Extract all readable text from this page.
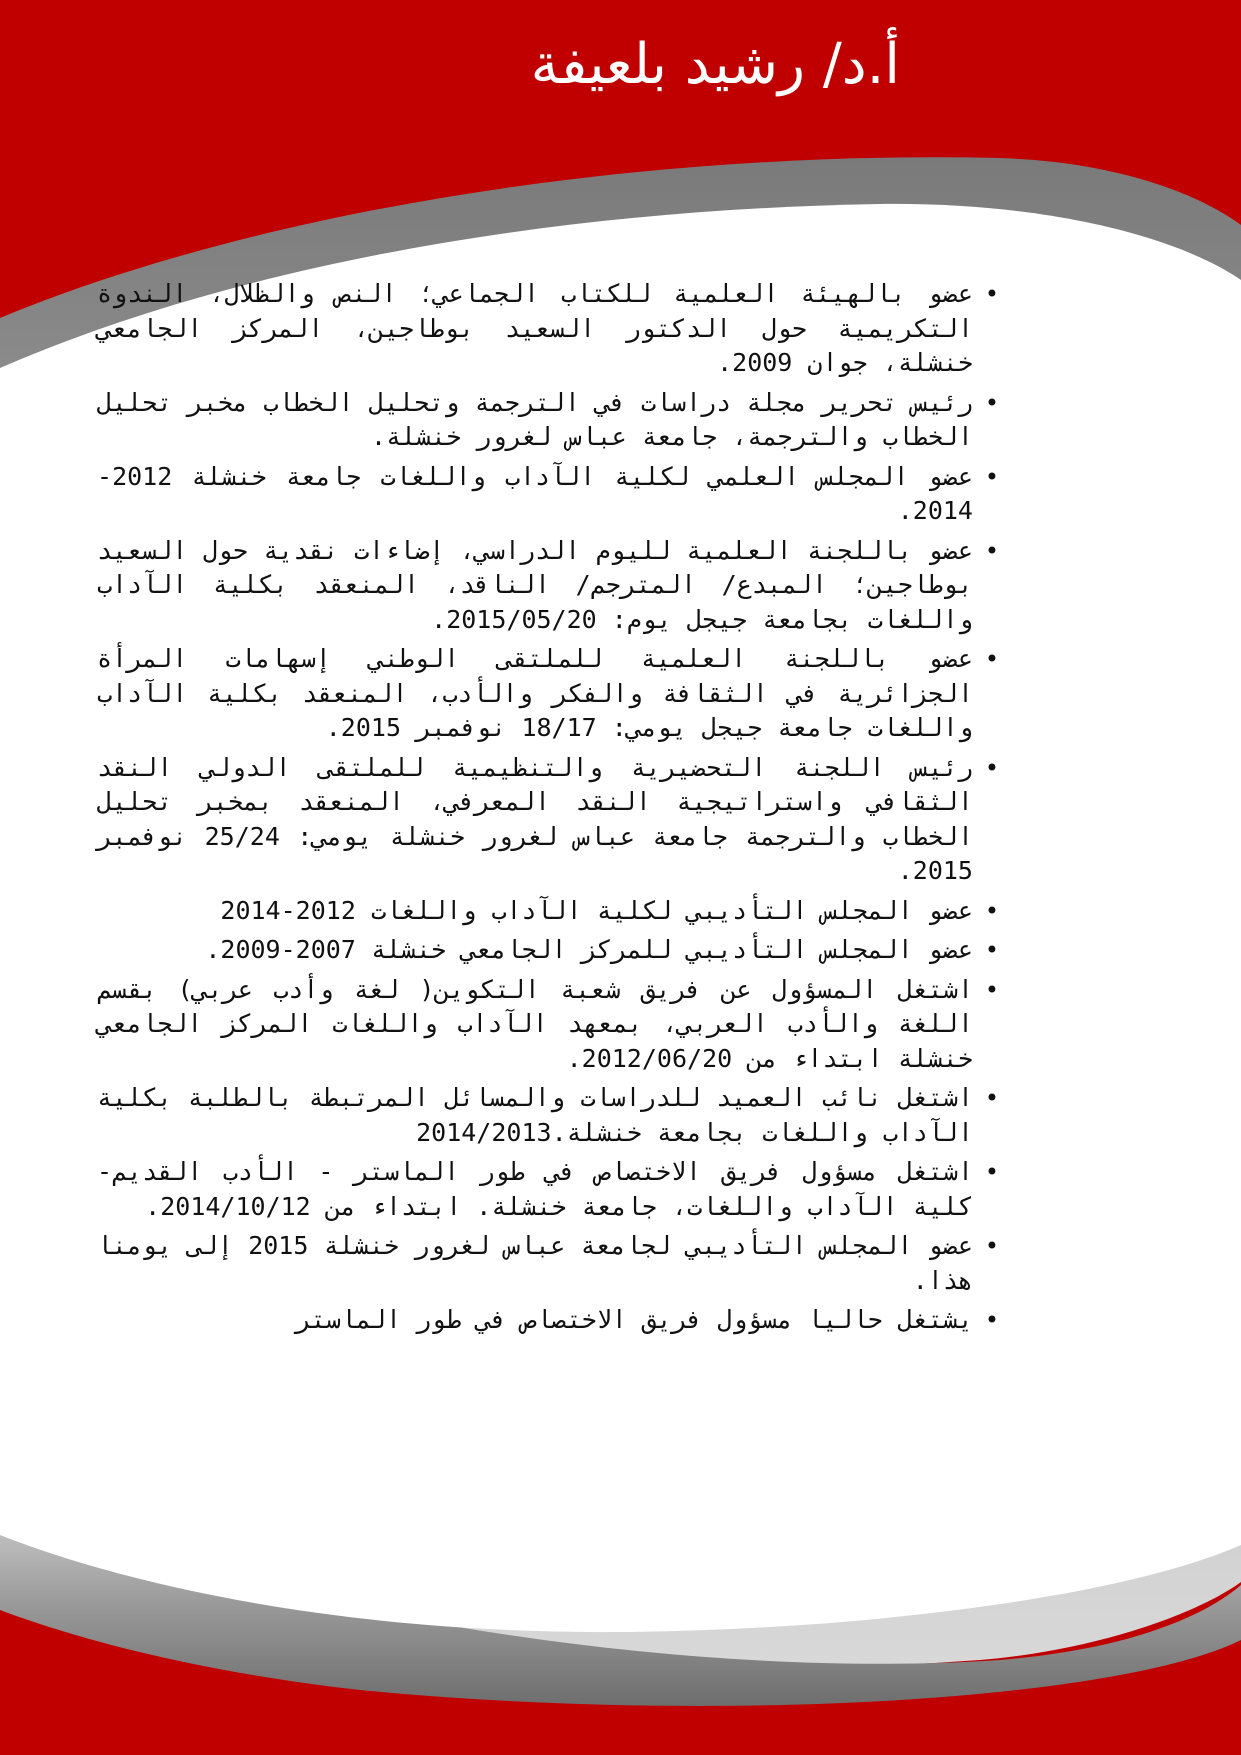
أ.د/ رشيد بلعيفة
•
عضو بالهيئة العلمية للكتاب الجماعي؛ النص والظلال، الندوة التكريمية حول الدكتور السعيد بوطاجين، المركز الجامعي خنشلة، جوان 2009.
•
رئيس تحرير مجلة دراسات في الترجمة وتحليل الخطاب مخبر تحليل الخطاب والترجمة، جامعة عباس لغرور خنشلة.
•
عضو المجلس العلمي لكلية الآداب واللغات جامعة خنشلة 2012-2014.
•
عضو باللجنة العلمية لليوم الدراسي، إضاءات نقدية حول السعيد بوطاجين؛ المبدع/ المترجم/ الناقد، المنعقد بكلية الآداب واللغات بجامعة جيجل يوم: 2015/05/20.
•
عضو باللجنة العلمية للملتقى الوطني إسهامات المرأة الجزائرية في الثقافة والفكر والأدب، المنعقد بكلية الآداب واللغات جامعة جيجل يومي: 18/17 نوفمبر 2015.
•
رئيس اللجنة التحضيرية والتنظيمية للملتقى الدولي النقد الثقافي واستراتيجية النقد المعرفي، المنعقد بمخبر تحليل الخطاب والترجمة جامعة عباس لغرور خنشلة يومي: 25/24 نوفمبر 2015.
•
عضو المجلس التأديبي لكلية الآداب واللغات 2012-2014
•
عضو المجلس التأديبي للمركز الجامعي خنشلة 2007-2009.
•
اشتغل المسؤول عن فريق شعبة التكوين( لغة وأدب عربي) بقسم اللغة والأدب العربي، بمعهد الآداب واللغات المركز الجامعي خنشلة ابتداء من 2012/06/20.
•
اشتغل نائب العميد للدراسات والمسائل المرتبطة بالطلبة بكلية الآداب واللغات بجامعة خنشلة.2014/2013
•
اشتغل مسؤول فريق الاختصاص في طور الماستر - الأدب القديم- كلية الآداب واللغات، جامعة خنشلة. ابتداء من 2014/10/12.
•
عضو المجلس التأديبي لجامعة عباس لغرور خنشلة 2015 إلى يومنا هذا.
•
يشتغل حاليا مسؤول فريق الاختصاص في طور الماستر
